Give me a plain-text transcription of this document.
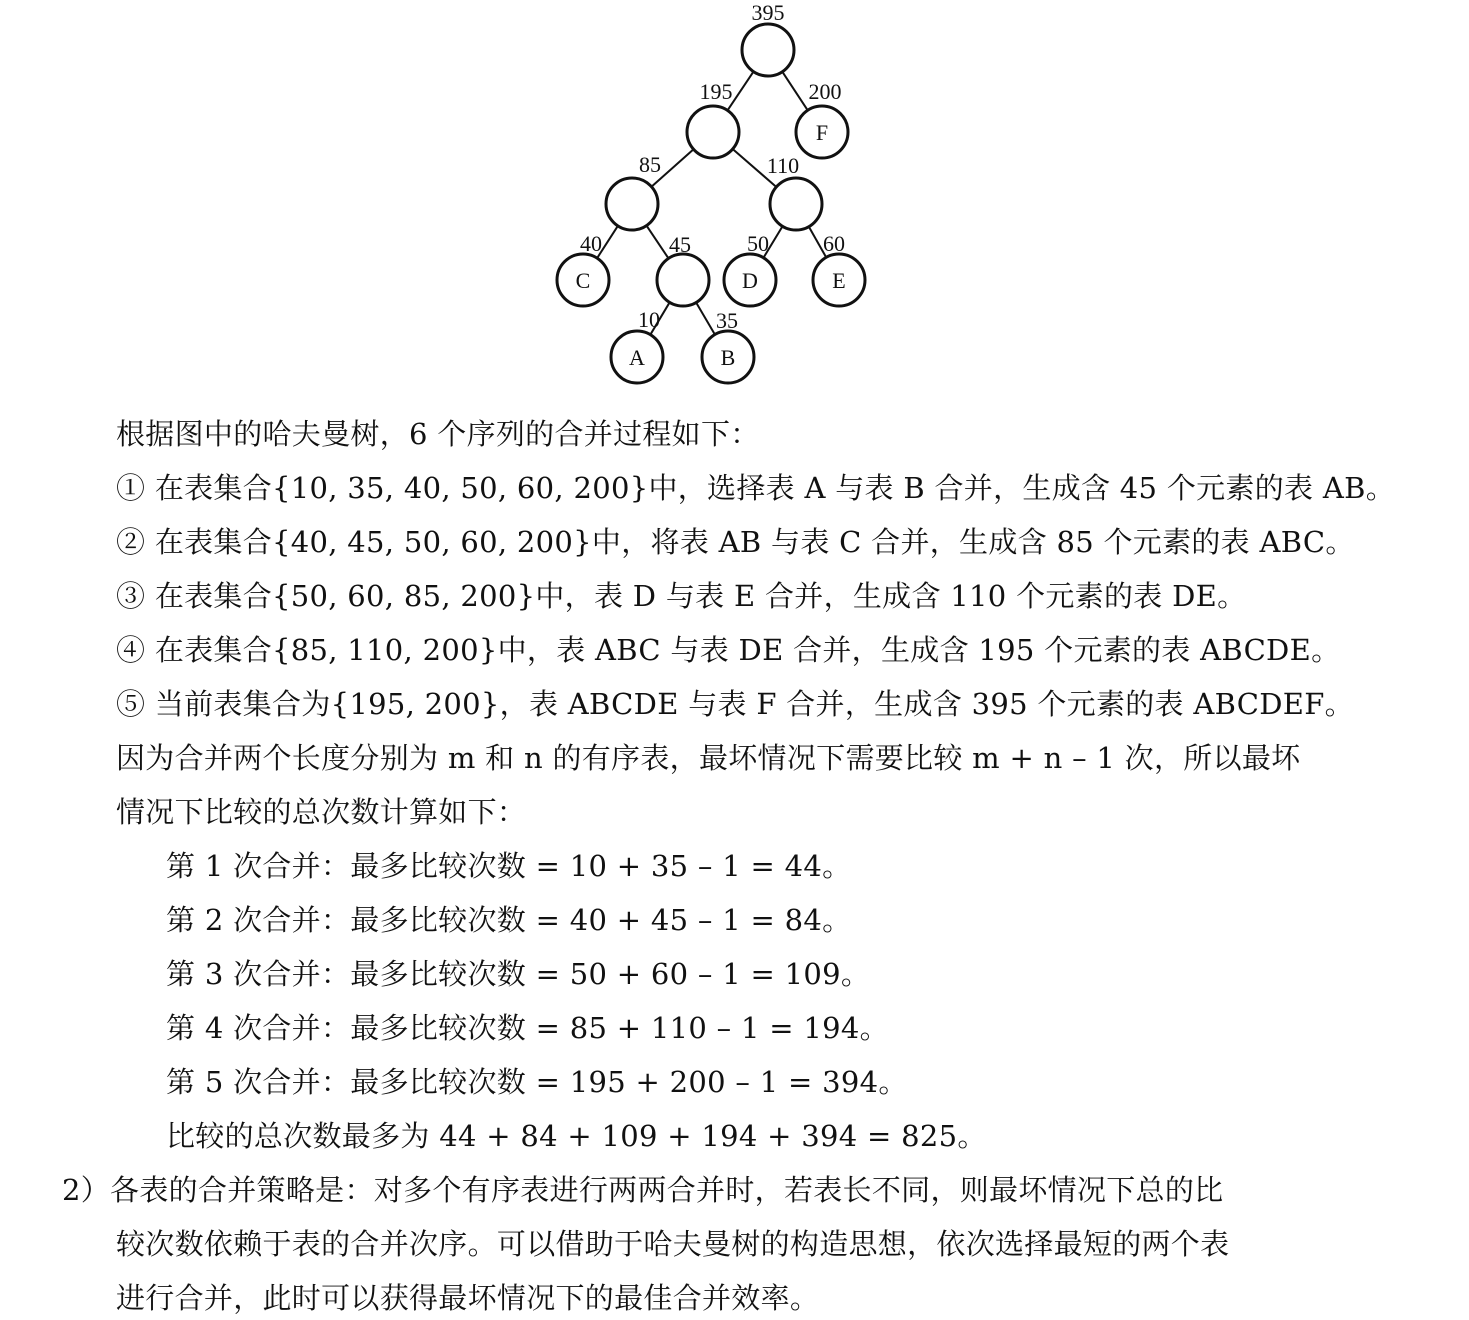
F
C	D	E
A	B
395
195	200
85	110
40	45	50 60
10	35
根据图中的哈夫曼树，6 个序列的合并过程如下：
① 在表集合{10, 35, 40, 50, 60, 200}中，选择表 A 与表 B 合并，生成含 45 个元素的表 AB。
② 在表集合{40, 45, 50, 60, 200}中，将表 AB 与表 C 合并，生成含 85 个元素的表 ABC。
③ 在表集合{50, 60, 85, 200}中，表 D 与表 E 合并，生成含 110 个元素的表 DE。
④ 在表集合{85, 110, 200}中，表 ABC 与表 DE 合并，生成含 195 个元素的表 ABCDE。
⑤ 当前表集合为{195, 200}，表 ABCDE 与表 F 合并，生成含 395 个元素的表 ABCDEF。
因为合并两个长度分别为 m 和 n 的有序表，最坏情况下需要比较 m + n – 1 次，所以最坏
情况下比较的总次数计算如下：
第 1 次合并：最多比较次数 = 10 + 35 – 1 = 44。
第 2 次合并：最多比较次数 = 40 + 45 – 1 = 84。
第 3 次合并：最多比较次数 = 50 + 60 – 1 = 109。
第 4 次合并：最多比较次数 = 85 + 110 – 1 = 194。
第 5 次合并：最多比较次数 = 195 + 200 – 1 = 394。
比较的总次数最多为 44 + 84 + 109 + 194 + 394 = 825。
2）各表的合并策略是：对多个有序表进行两两合并时，若表长不同，则最坏情况下总的比
较次数依赖于表的合并次序。可以借助于哈夫曼树的构造思想，依次选择最短的两个表
进行合并，此时可以获得最坏情况下的最佳合并效率。
